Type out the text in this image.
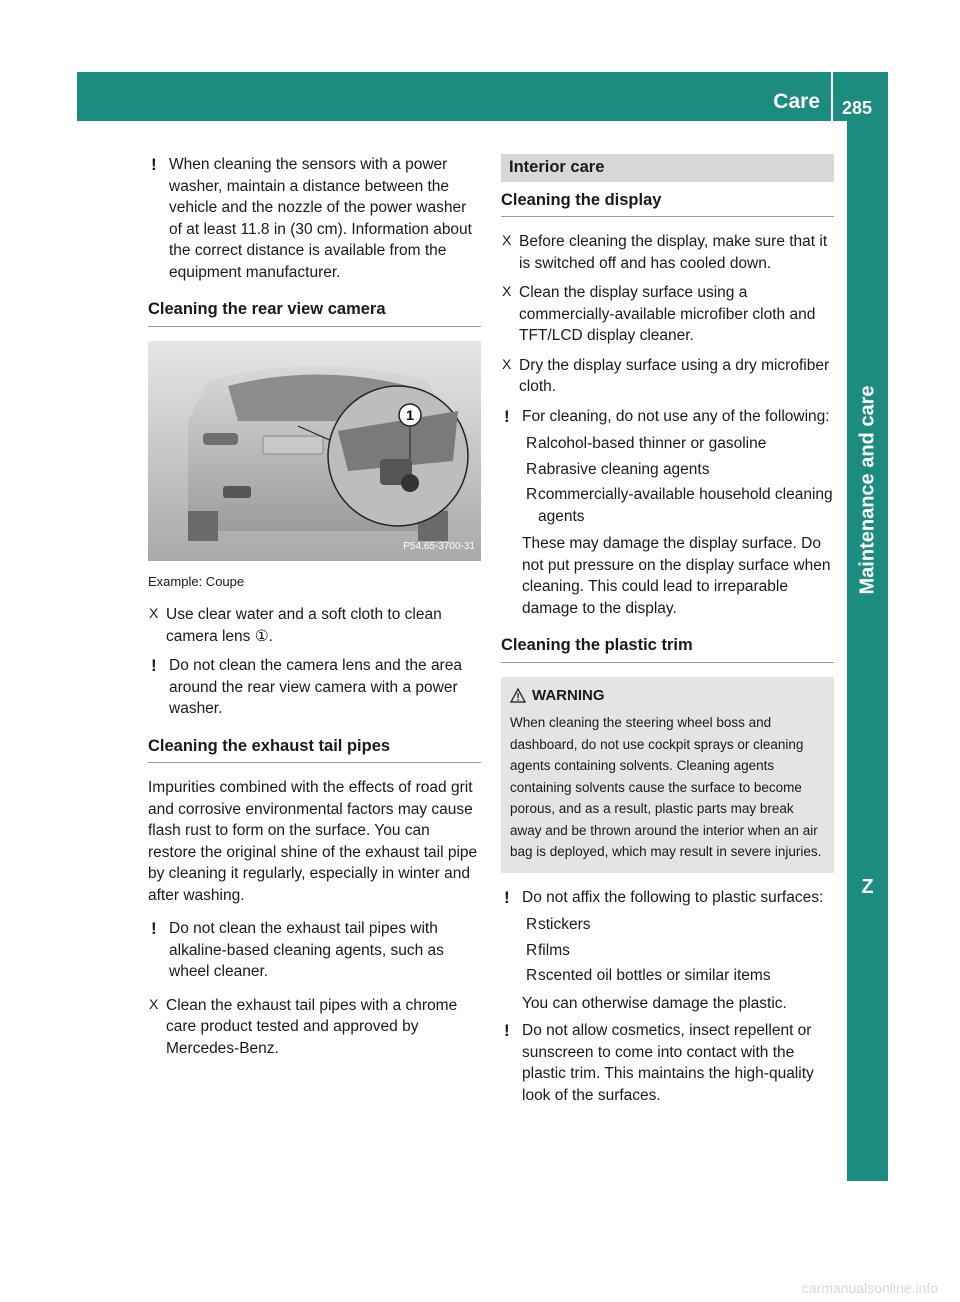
Care 285
Maintenance and care
Z
! When cleaning the sensors with a power washer, maintain a distance between the vehicle and the nozzle of the power washer of at least 11.8 in (30 cm). Information about the correct distance is available from the equipment manufacturer.
Cleaning the rear view camera
1
P54.65-3700-31
Example: Coupe
X Use clear water and a soft cloth to clean camera lens ①.
! Do not clean the camera lens and the area around the rear view camera with a power washer.
Cleaning the exhaust tail pipes

Impurities combined with the effects of road grit and corrosive environmental factors may cause flash rust to form on the surface. You can restore the original shine of the exhaust tail pipe by cleaning it regularly, especially in winter and after washing.

! Do not clean the exhaust tail pipes with alkaline-based cleaning agents, such as wheel cleaner.
X Clean the exhaust tail pipes with a chrome care product tested and approved by Mercedes-Benz.
Interior care
Cleaning the display
X Before cleaning the display, make sure that it is switched off and has cooled down.
X Clean the display surface using a commercially-available microfiber cloth and TFT/LCD display cleaner.
X Dry the display surface using a dry microfiber cloth.
! For cleaning, do not use any of the following:
R alcohol-based thinner or gasoline
R abrasive cleaning agents
R commercially-available household cleaning agents
These may damage the display surface. Do not put pressure on the display surface when cleaning. This could lead to irreparable damage to the display.
Cleaning the plastic trim
WARNING
When cleaning the steering wheel boss and dashboard, do not use cockpit sprays or cleaning agents containing solvents. Cleaning agents containing solvents cause the surface to become porous, and as a result, plastic parts may break away and be thrown around the interior when an air bag is deployed, which may result in severe injuries.
! Do not affix the following to plastic surfaces:
R stickers
R films
R scented oil bottles or similar items
You can otherwise damage the plastic.
! Do not allow cosmetics, insect repellent or sunscreen to come into contact with the plastic trim. This maintains the high-quality look of the surfaces.
carmanualsonline.info
